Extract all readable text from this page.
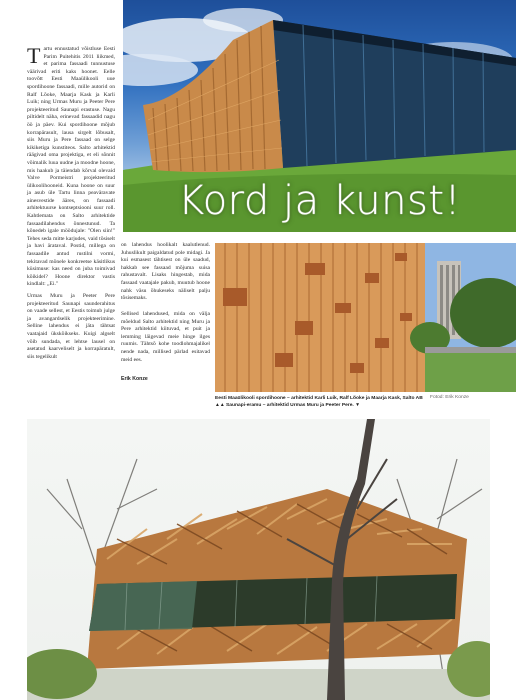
Kord ja kunst!

Tartu ennustatud võistluse Eesti Parim Puitehitis 2011 liikmed, et parima fassaadi tunnustuse väärivad eriti kaks hoonet. Eelle toovõtt Eesti Maaülikooli uue spordihoone fassaadi, mille autorid on Ralf Lõoke, Maarja Kask ja Karli Luik; ning Urmas Muru ja Peeter Pere projekteeritud Saunapi erastuse. Nagu piltidelt näha, erinevad fassaadid nagu öö ja päev. Kui spordihoone mõjub korrapärasult, lausa sirgelt lõbusalt, siis Muru ja Pere fassaad on selge kikiketiga kunstiteos. Salto arhitektid räägivad oma projektiga, et eli sõnnit võimalik luua uudne ja moodne hoone, mis haakub ja täiendab kõrval olevaid Valve Pormeistri projekteeritud ülikoolihooneid. Kuna hoone on suur ja asub üle Tartu linna peaväravate ainesvestide ääres, on fassaadi arhitektuurse kontseptsiooni suur roll. Kahtlemata on Salto arhitektide fassaadilahendus õnnestunud. Ta kõnedeb igale möödujale: "Olen siin!" Tehes seda mitte karjudes, vaid tõsiselt ja havi ärataval. Postid, millega on fassaadile antud rustilni vormi, tekitavad mõnele konkreetse käsitlikus küsimuse: kas need on juba toimivad kõikidel? Hoone direktor vastis kindlalt: „Ei."

Urmas Muru ja Peeter Pere projekteeritud Saunapi saunderahitus on vaade sellest, et Eestis toimub julge ja avangardselik projekteerimine. Selline lahendus ei jäta tähtsat vaatajaid ükskõikseks. Kuigi algselt võib sundada, et lehtse lausel on asetatud kaarveliselt ja korrapäratult, siis tegelikult

on lahendus hoolikalt kaalutlenud. Juhuslikult paigaldatud pole midagi. Ja kui esmasest tähtisest on üle saadud, hakkab see fassaad mõjuma suisa rahustavalt. Lisaks hingestab, mida fassaad vaatajale pakub, muutub hoone nahk väsu õhukeseks näliselt palju tõsisemaks.
Sellised lahendused, mida on välja mõeldud Salto arhitektid ning Muru ja Pere arhitektid kiituvad, et puit ja lemming läigevad meie hinge ilges ruumis. Tähtsõ kohe toodlohmajalikel nende nada, millised pärlad esitavad meid ees.
Erik Konze
Eesti Maaülikooli spordihoone – arhitektid Karli Luik, Ralf Lõoke ja Maarja Kask, Salto AB ▲▲ Saunapi-eramu – arhitektid Urmas Muru ja Peeter Pere. ▼
Fotod: Erik Konze
